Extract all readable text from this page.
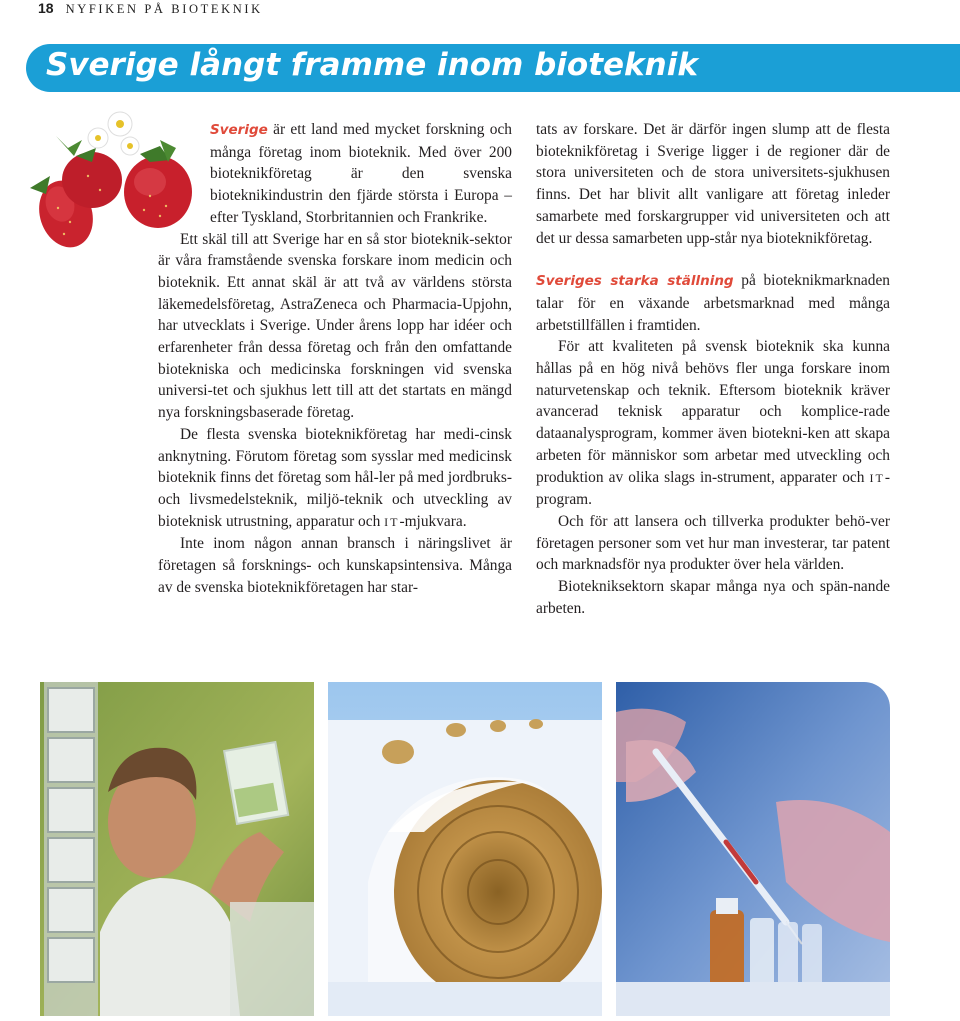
18 NYFIKEN PÅ BIOTEKNIK
Sverige långt framme inom bioteknik

Sverige är ett land med mycket forskning och många företag inom bioteknik. Med över 200 bioteknikföretag är den svenska bioteknikindustrin den fjärde största i Europa – efter Tyskland, Storbritannien och Frankrike.

Ett skäl till att Sverige har en så stor bioteknik-sektor är våra framstående svenska forskare inom medicin och bioteknik. Ett annat skäl är att två av världens största läkemedelsföretag, AstraZeneca och Pharmacia-Upjohn, har utvecklats i Sverige. Under årens lopp har idéer och erfarenheter från dessa företag och från den omfattande biotekniska och medicinska forskningen vid svenska universi-tet och sjukhus lett till att det startats en mängd nya forskningsbaserade företag.

De flesta svenska bioteknikföretag har medi-cinsk anknytning. Förutom företag som sysslar med medicinsk bioteknik finns det företag som hål-ler på med jordbruks- och livsmedelsteknik, miljö-teknik och utveckling av bioteknisk utrustning, apparatur och IT-mjukvara.

Inte inom någon annan bransch i näringslivet är företagen så forsknings- och kunskapsintensiva. Många av de svenska bioteknikföretagen har star-

tats av forskare. Det är därför ingen slump att de flesta bioteknikföretag i Sverige ligger i de regioner där de stora universiteten och de stora universitets-sjukhusen finns. Det har blivit allt vanligare att företag inleder samarbete med forskargrupper vid universiteten och att det ur dessa samarbeten upp-står nya bioteknikföretag.

Sveriges starka ställning på bioteknikmarknaden talar för en växande arbetsmarknad med många arbetstillfällen i framtiden.

För att kvaliteten på svensk bioteknik ska kunna hållas på en hög nivå behövs fler unga forskare inom naturvetenskap och teknik. Eftersom bioteknik kräver avancerad teknisk apparatur och komplice-rade dataanalysprogram, kommer även biotekni-ken att skapa arbeten för människor som arbetar med utveckling och produktion av olika slags in-strument, apparater och IT-program.

Och för att lansera och tillverka produkter behö-ver företagen personer som vet hur man investerar, tar patent och marknadsför nya produkter över hela världen.

Biotekniksektorn skapar många nya och spän-nande arbeten.
